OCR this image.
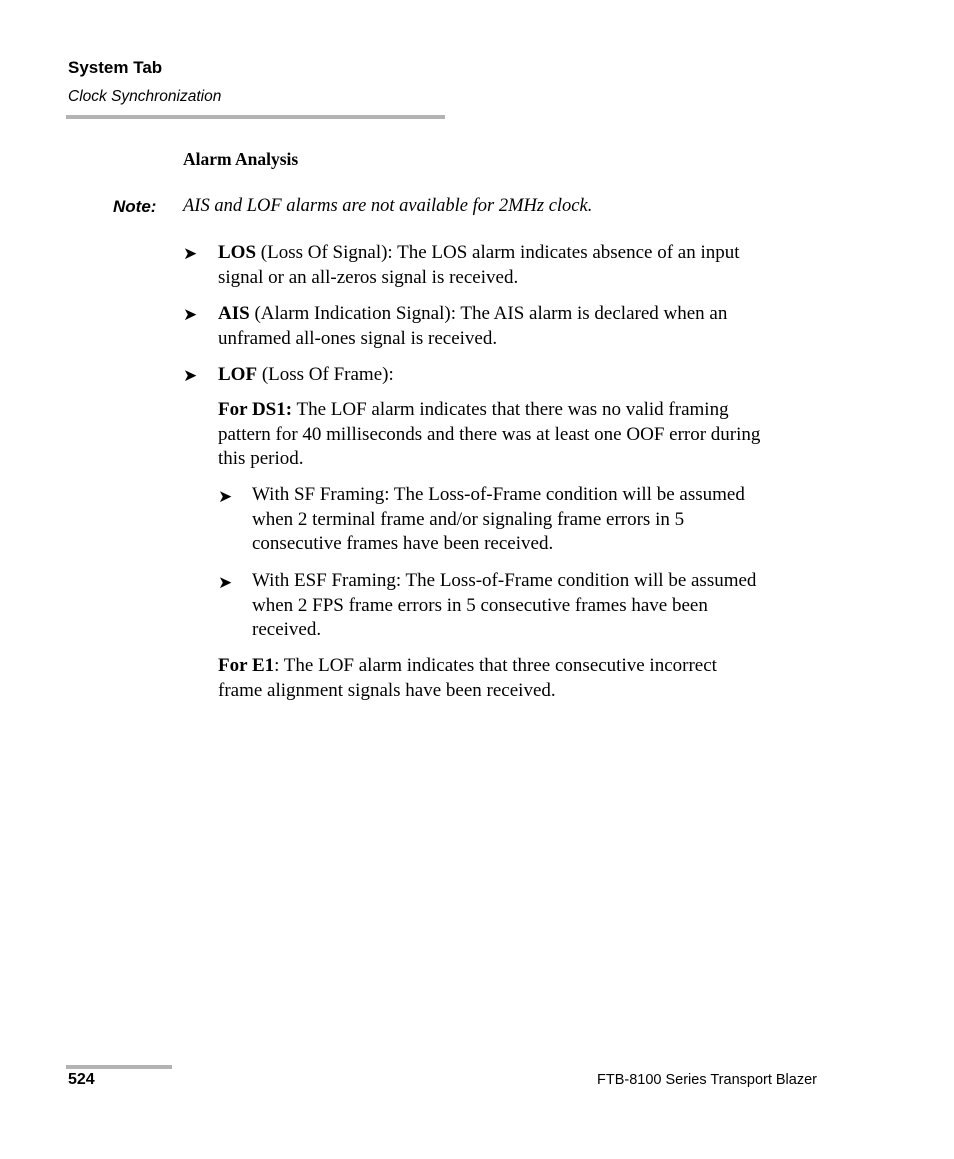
System Tab
Clock Synchronization
Alarm Analysis
Note: AIS and LOF alarms are not available for 2MHz clock.
➤ LOS (Loss Of Signal): The LOS alarm indicates absence of an input
signal or an all-zeros signal is received.
➤ AIS (Alarm Indication Signal): The AIS alarm is declared when an
unframed all-ones signal is received.
➤ LOF (Loss Of Frame):
For DS1: The LOF alarm indicates that there was no valid framing
pattern for 40 milliseconds and there was at least one OOF error during
this period.
➤ With SF Framing: The Loss-of-Frame condition will be assumed
when 2 terminal frame and/or signaling frame errors in 5
consecutive frames have been received.
➤ With ESF Framing: The Loss-of-Frame condition will be assumed
when 2 FPS frame errors in 5 consecutive frames have been
received.
For E1: The LOF alarm indicates that three consecutive incorrect
frame alignment signals have been received.
524	FTB-8100 Series Transport Blazer
